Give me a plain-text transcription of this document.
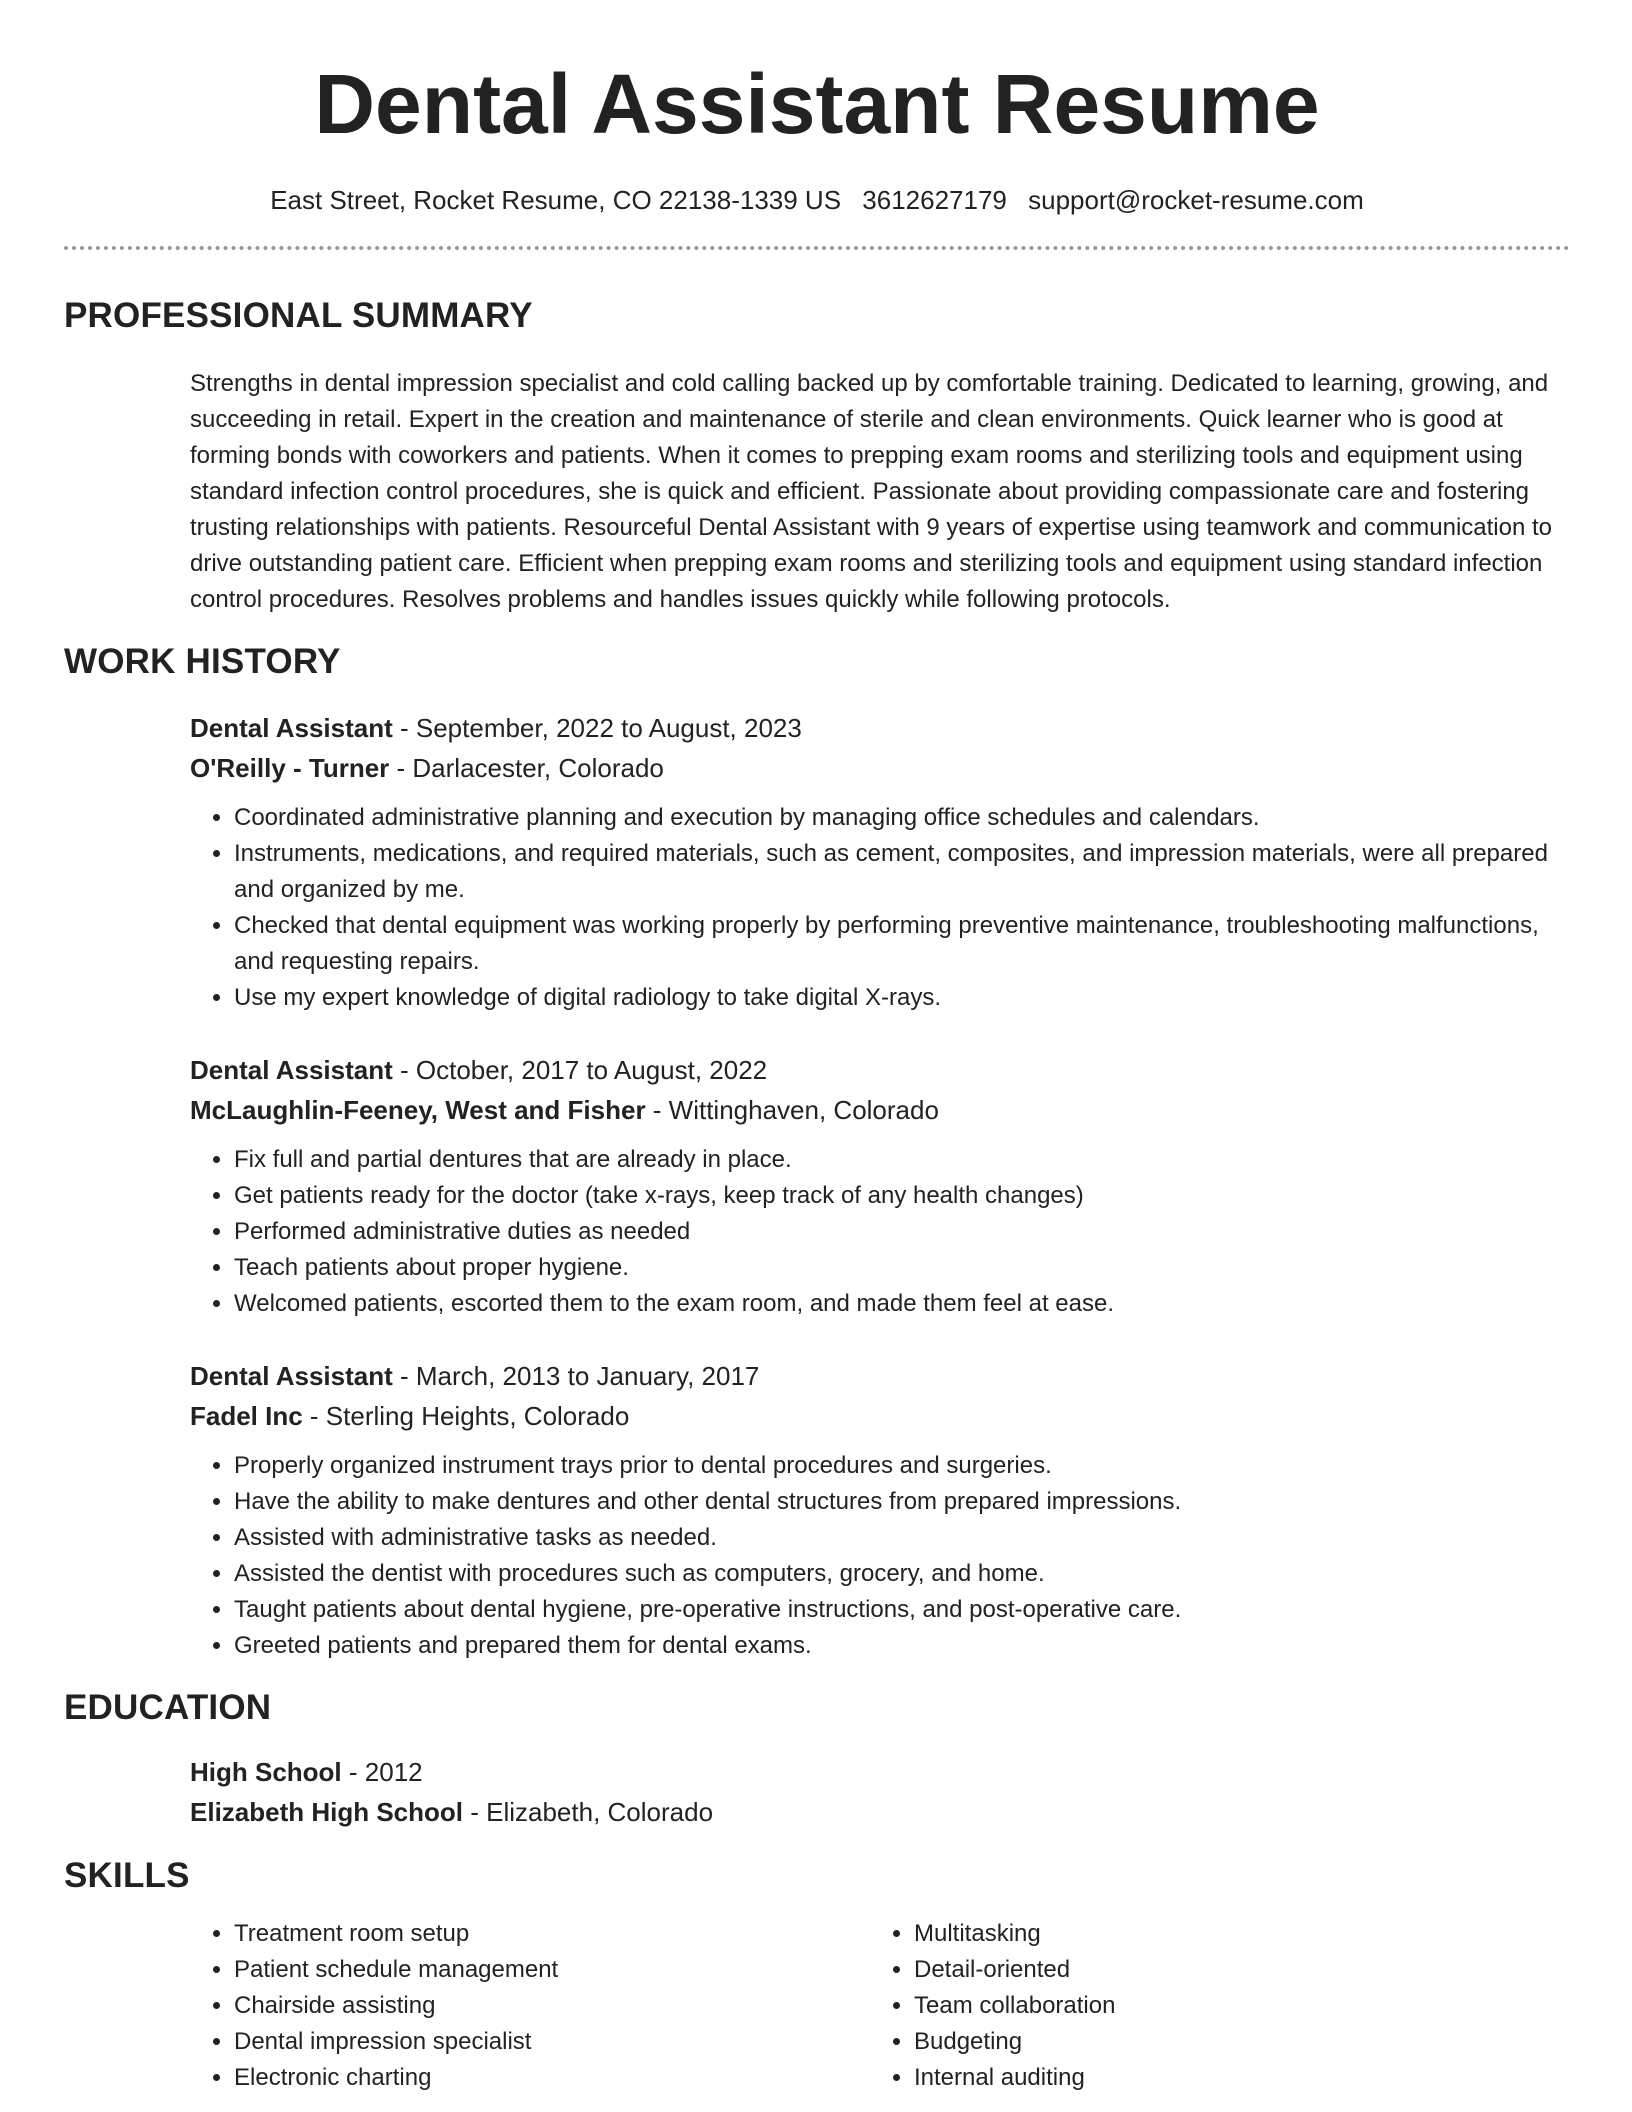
Dental Assistant Resume
East Street, Rocket Resume, CO 22138-1339 US 3612627179 support@rocket-resume.com
PROFESSIONAL SUMMARY
Strengths in dental impression specialist and cold calling backed up by comfortable training. Dedicated to learning, growing, and succeeding in retail. Expert in the creation and maintenance of sterile and clean environments. Quick learner who is good at forming bonds with coworkers and patients. When it comes to prepping exam rooms and sterilizing tools and equipment using standard infection control procedures, she is quick and efficient. Passionate about providing compassionate care and fostering trusting relationships with patients. Resourceful Dental Assistant with 9 years of expertise using teamwork and communication to drive outstanding patient care. Efficient when prepping exam rooms and sterilizing tools and equipment using standard infection control procedures. Resolves problems and handles issues quickly while following protocols.
WORK HISTORY
Dental Assistant - September, 2022 to August, 2023
O'Reilly - Turner - Darlacester, Colorado
• Coordinated administrative planning and execution by managing office schedules and calendars.
• Instruments, medications, and required materials, such as cement, composites, and impression materials, were all prepared and organized by me.
• Checked that dental equipment was working properly by performing preventive maintenance, troubleshooting malfunctions, and requesting repairs.
• Use my expert knowledge of digital radiology to take digital X-rays.
Dental Assistant - October, 2017 to August, 2022
McLaughlin-Feeney, West and Fisher - Wittinghaven, Colorado
• Fix full and partial dentures that are already in place.
• Get patients ready for the doctor (take x-rays, keep track of any health changes)
• Performed administrative duties as needed
• Teach patients about proper hygiene.
• Welcomed patients, escorted them to the exam room, and made them feel at ease.
Dental Assistant - March, 2013 to January, 2017
Fadel Inc - Sterling Heights, Colorado
• Properly organized instrument trays prior to dental procedures and surgeries.
• Have the ability to make dentures and other dental structures from prepared impressions.
• Assisted with administrative tasks as needed.
• Assisted the dentist with procedures such as computers, grocery, and home.
• Taught patients about dental hygiene, pre-operative instructions, and post-operative care.
• Greeted patients and prepared them for dental exams.
EDUCATION
High School - 2012
Elizabeth High School - Elizabeth, Colorado
SKILLS
• Treatment room setup
• Patient schedule management
• Chairside assisting
• Dental impression specialist
• Electronic charting
• Multitasking
• Detail-oriented
• Team collaboration
• Budgeting
• Internal auditing
